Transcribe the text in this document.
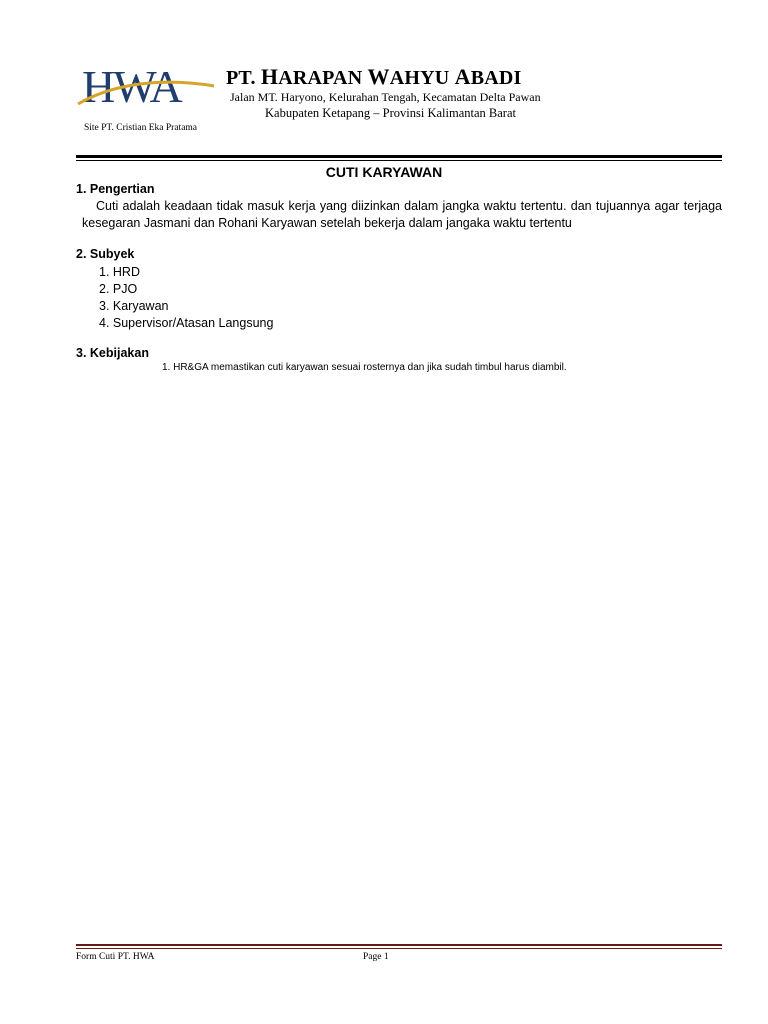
HWA
Site PT. Cristian Eka Pratama
PT. HARAPAN WAHYU ABADI
Jalan MT. Haryono, Kelurahan Tengah, Kecamatan Delta Pawan
Kabupaten Ketapang – Provinsi Kalimantan Barat
CUTI KARYAWAN
1. Pengertian
Cuti adalah keadaan tidak masuk kerja yang diizinkan dalam jangka waktu tertentu. dan tujuannya agar terjaga kesegaran Jasmani dan Rohani Karyawan setelah bekerja dalam jangaka waktu tertentu
2. Subyek
1. HRD
2. PJO
3. Karyawan
4. Supervisor/Atasan Langsung
3. Kebijakan
1. HR&GA memastikan cuti karyawan sesuai rosternya dan jika sudah timbul harus diambil.
Form Cuti PT. HWA	Page 1
